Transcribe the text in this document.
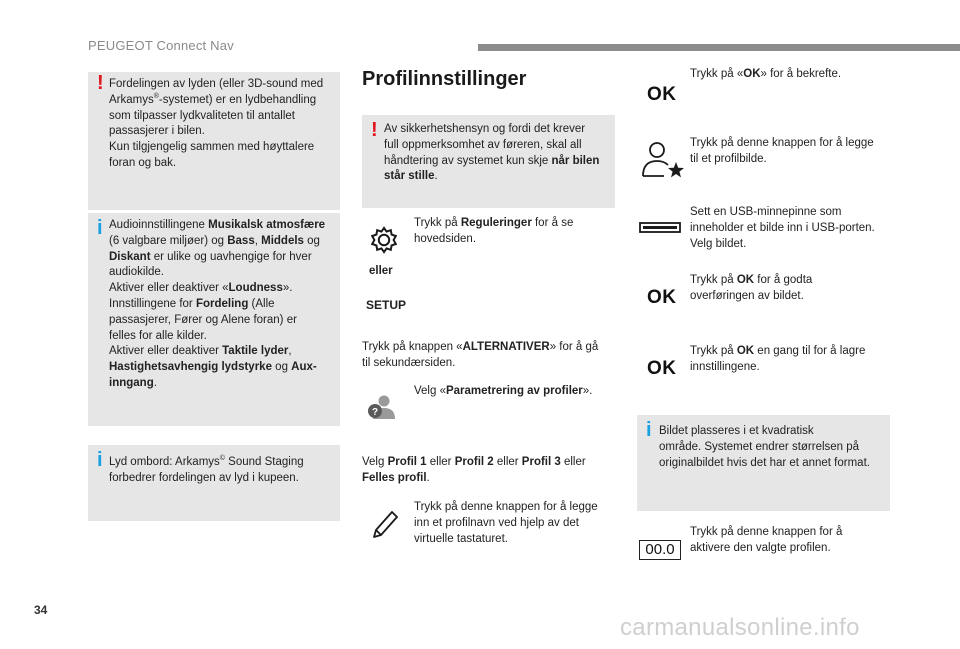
PEUGEOT Connect Nav
! Fordelingen av lyden (eller 3D-sound med

Arkamys®-systemet) er en lydbehandling

som tilpasser lydkvaliteten til antallet

passasjerer i bilen.

Kun tilgjengelig sammen med høyttalere

foran og bak.

i Audioinnstillingene Musikalsk atmosfære

(6 valgbare miljøer) og Bass, Middels og

Diskant er ulike og uavhengige for hver

audiokilde.

Aktiver eller deaktiver «Loudness».

Innstillingene for Fordeling (Alle

passasjerer, Fører og Alene foran) er

felles for alle kilder.

Aktiver eller deaktiver Taktile lyder,

Hastighetsavhengig lydstyrke og Aux-

inngang.

i Lyd ombord: Arkamys© Sound Staging

forbedrer fordelingen av lyd i kupeen.

Profilinnstillinger
! Av sikkerhetshensyn og fordi det krever

full oppmerksomhet av føreren, skal all

håndtering av systemet kun skje når bilen

står stille.

Trykk på Reguleringer for å se

hovedsiden.

eller
SETUP

Trykk på knappen «ALTERNATIVER» for å gå

til sekundærsiden.

?

Velg «Parametrering av profiler».

Velg Profil 1 eller Profil 2 eller Profil 3 eller

Felles profil.

Trykk på denne knappen for å legge

inn et profilnavn ved hjelp av det

virtuelle tastaturet.

OK

Trykk på «OK» for å bekrefte.

Trykk på denne knappen for å legge

til et profilbilde.

Sett en USB-minnepinne som

inneholder et bilde inn i USB-porten.

Velg bildet.

OK

Trykk på OK for å godta

overføringen av bildet.

OK

Trykk på OK en gang til for å lagre

innstillingene.

i Bildet plasseres i et kvadratisk

område. Systemet endrer størrelsen på

originalbildet hvis det har et annet format.

00.0

Trykk på denne knappen for å

aktivere den valgte profilen.

34
carmanualsonline.info
